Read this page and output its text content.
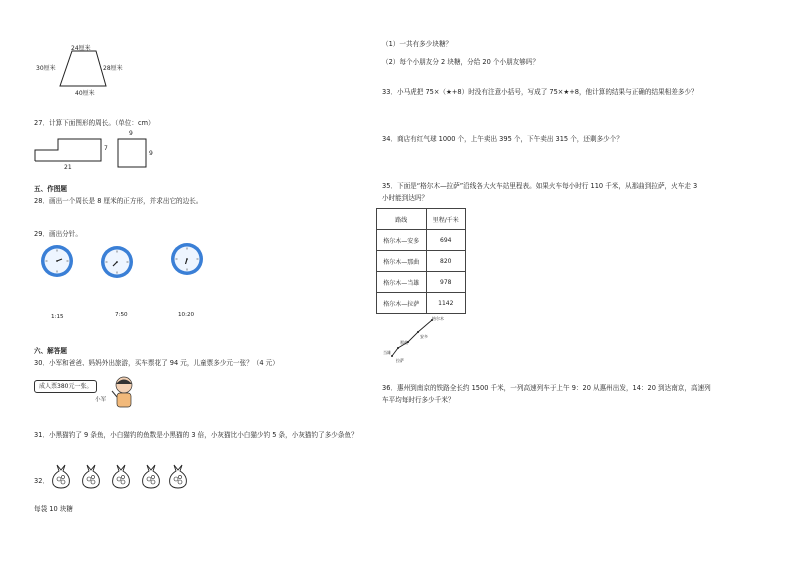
24厘米
30厘米	28厘米
40厘米
27．计算下面图形的周长。（单位：cm）
7
21
9
9
五、作图题
28．画出一个周长是 8 厘米的正方形，并求出它的边长。
29．画出分针。
1:15	7:50	10:20
六、解答题
30．小军和爸爸、妈妈外出旅游，买车票花了 94 元，儿童票多少元一张？（4 元）
成人票380元一张。
小军
31．小黑猫钓了 9 条鱼，小白猫钓的鱼数是小黑猫的 3 倍，小灰猫比小白猫少钓 5 条，小灰猫钓了多少条鱼？
32．
每袋 10 块糖
（1）一共有多少块糖？
（2）每个小朋友分 2 块糖，分给 20 个小朋友够吗？
33．小马虎把 75×（★+8）时没有注意小括号，写成了 75×★+8，他计算的结果与正确的结果相差多少？
34．商店有红气球 1000 个，上午卖出 395 个，下午卖出 315 个，还剩多少个？
35．下面是“格尔木—拉萨”沿线各大火车站里程表。如果火车每小时行 110 千米，从那曲到拉萨，火车走 3
小时能到达吗？
路线	里程/千米
格尔木—安多	694
格尔木—那曲	820
格尔木—当雄	978
格尔木—拉萨	1142
格尔木
安多
那曲
当雄
拉萨
36．惠州到南京的铁路全长约 1500 千米，一列高速列车于上午 9：20 从惠州出发，14：20 到达南京，高速列
车平均每时行多少千米？
